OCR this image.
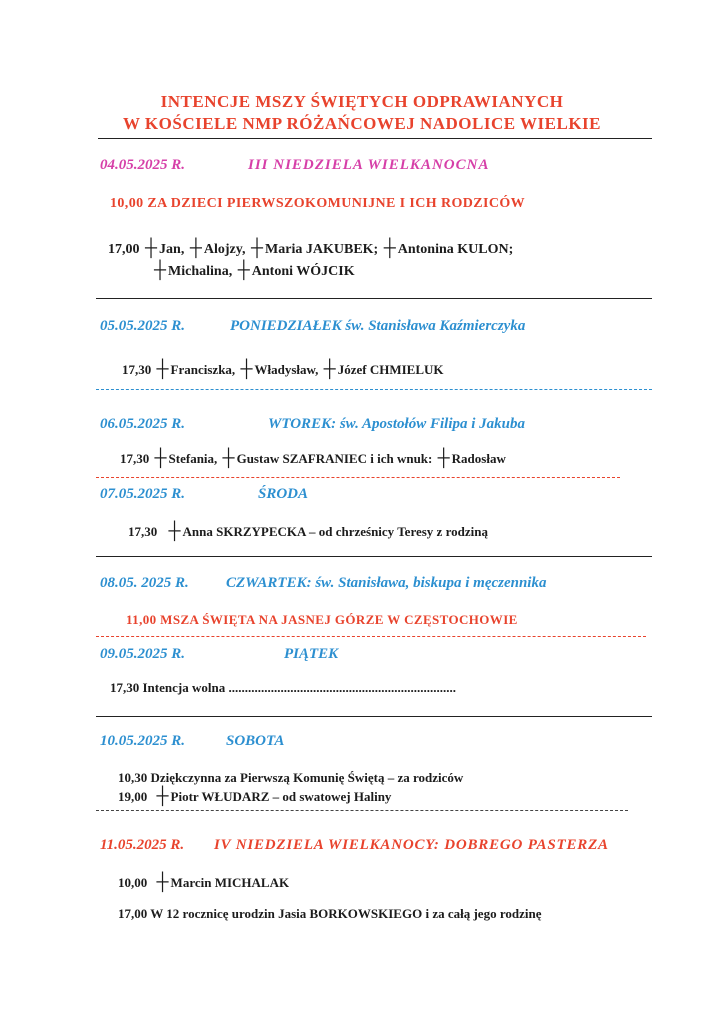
INTENCJE MSZY ŚWIĘTYCH ODPRAWIANYCH
W KOŚCIELE NMP RÓŻAŃCOWEJ NADOLICE WIELKIE
04.05.2025 R.	III NIEDZIELA WIELKANOCNA
10,00 ZA DZIECI PIERWSZOKOMUNIJNE I ICH RODZICÓW
17,00 ┼ Jan, ┼ Alojzy, ┼ Maria JAKUBEK; ┼ Antonina KULON;
┼ Michalina, ┼ Antoni WÓJCIK
05.05.2025 R.	PONIEDZIAŁEK św. Stanisława Kaźmierczyka
17,30 ┼ Franciszka, ┼ Władysław, ┼ Józef CHMIELUK
06.05.2025 R.	WTOREK: św. Apostołów Filipa i Jakuba
17,30 ┼ Stefania, ┼ Gustaw SZAFRANIEC i ich wnuk: ┼ Radosław
07.05.2025 R.	ŚRODA
17,30 ┼ Anna SKRZYPECKA – od chrześnicy Teresy z rodziną
08.05. 2025 R. CZWARTEK: św. Stanisława, biskupa i męczennika
11,00 MSZA ŚWIĘTA NA JASNEJ GÓRZE W CZĘSTOCHOWIE
09.05.2025 R.	PIĄTEK
17,30 Intencja wolna ......................................................................
10.05.2025 R.	SOBOTA
10,30 Dziękczynna za Pierwszą Komunię Świętą – za rodziców
19,00 ┼ Piotr WŁUDARZ – od swatowej Haliny
11.05.2025 R. IV NIEDZIELA WIELKANOCY: DOBREGO PASTERZA
10,00 ┼ Marcin MICHALAK
17,00 W 12 rocznicę urodzin Jasia BORKOWSKIEGO i za całą jego rodzinę
